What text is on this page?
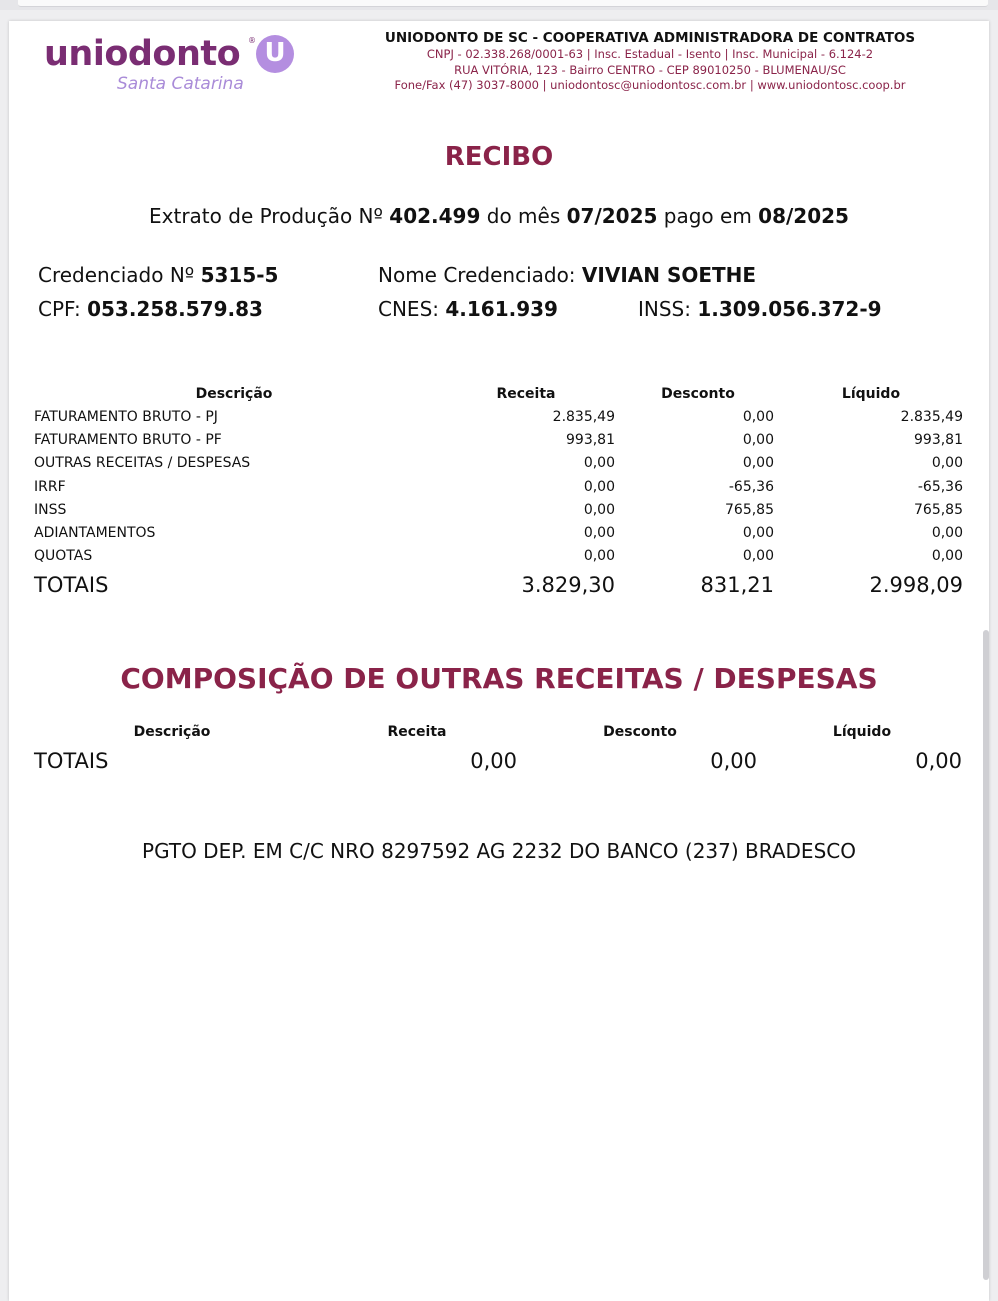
uniodonto ® U
Santa Catarina
UNIODONTO DE SC - COOPERATIVA ADMINISTRADORA DE CONTRATOS
CNPJ - 02.338.268/0001-63 | Insc. Estadual - Isento | Insc. Municipal - 6.124-2
RUA VITÓRIA, 123 - Bairro CENTRO - CEP 89010250 - BLUMENAU/SC
Fone/Fax (47) 3037-8000 | uniodontosc@uniodontosc.com.br | www.uniodontosc.coop.br
RECIBO
Extrato de Produção Nº 402.499 do mês 07/2025 pago em 08/2025
Credenciado Nº 5315-5	Nome Credenciado: VIVIAN SOETHE
CPF: 053.258.579.83	CNES: 4.161.939	INSS: 1.309.056.372-9
Descrição	Receita	Desconto	Líquido
FATURAMENTO BRUTO - PJ	2.835,49	0,00	2.835,49
FATURAMENTO BRUTO - PF	993,81	0,00	993,81
OUTRAS RECEITAS / DESPESAS	0,00	0,00	0,00
IRRF	0,00	-65,36	-65,36
INSS	0,00	765,85	765,85
ADIANTAMENTOS	0,00	0,00	0,00
QUOTAS	0,00	0,00	0,00
TOTAIS	3.829,30	831,21	2.998,09
COMPOSIÇÃO DE OUTRAS RECEITAS / DESPESAS
Descrição	Receita	Desconto	Líquido
TOTAIS	0,00	0,00	0,00
PGTO DEP. EM C/C NRO 8297592 AG 2232 DO BANCO (237) BRADESCO
